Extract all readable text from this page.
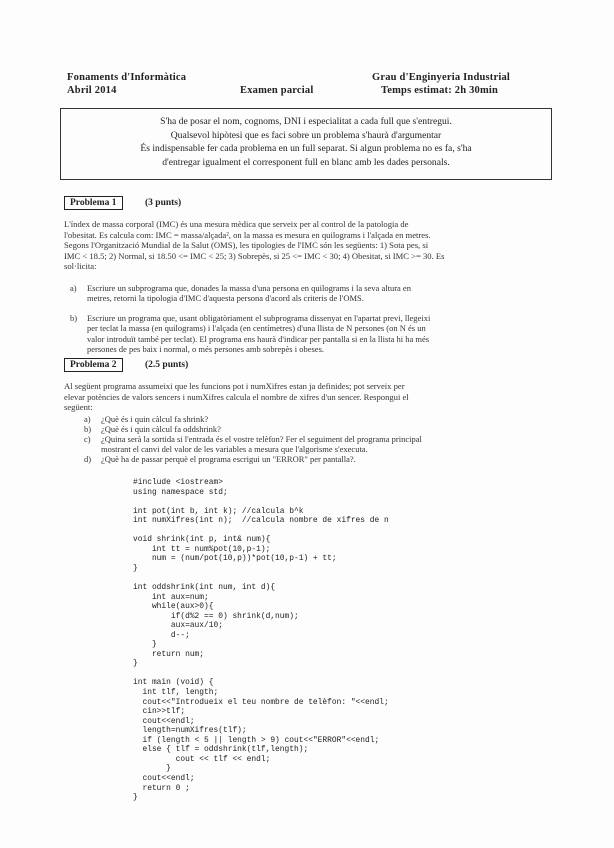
Fonaments d'Informàtica
Abril 2014	Examen parcial
Grau d'Enginyeria Industrial
Temps estimat: 2h 30min
S'ha de posar el nom, cognoms, DNI i especialitat a cada full que s'entregui.
Qualsevol hipòtesi que es faci sobre un problema s'haurà d'argumentar
És indispensable fer cada problema en un full separat. Si algun problema no es fa, s'ha
d'entregar igualment el corresponent full en blanc amb les dades personals.
Problema 1	(3 punts)
L'índex de massa corporal (IMC) és una mesura mèdica que serveix per al control de la patologia de
l'obesitat. Es calcula com: IMC = massa/alçada², on la massa es mesura en quilograms i l'alçada en metres.
Segons l'Organització Mundial de la Salut (OMS), les tipologies de l'IMC són les següents: 1) Sota pes, si
IMC < 18.5; 2) Normal, si 18.50 <= IMC < 25; 3) Sobrepès, si 25 <= IMC < 30; 4) Obesitat, si IMC >= 30. Es
sol·licita:
a) Escriure un subprograma que, donades la massa d'una persona en quilograms i la seva altura en
metres, retorni la tipologia d'IMC d'aquesta persona d'acord als criteris de l'OMS.
b) Escriure un programa que, usant obligatòriament el subprograma dissenyat en l'apartat previ, llegeixi
per teclat la massa (en quilograms) i l'alçada (en centímetres) d'una llista de N persones (on N és un
valor introduït també per teclat). El programa ens haurà d'indicar per pantalla si en la llista hi ha més
persones de pes baix i normal, o més persones amb sobrepès i obeses.
Problema 2	(2.5 punts)
Al següent programa assumeixi que les funcions pot i numXifres estan ja definides; pot serveix per
elevar potències de valors sencers i numXifres calcula el nombre de xifres d'un sencer. Respongui el
següent:
a) ¿Què és i quin càlcul fa shrink?
b) ¿Què és i quin càlcul fa oddshrink?
c) ¿Quina serà la sortida si l'entrada és el vostre telèfon? Fer el seguiment del programa principal
mostrant el canvi del valor de les variables a mesura que l'algorisme s'executa.
d) ¿Què ha de passar perquè el programa escrigui un "ERROR" per pantalla?.
#include <iostream>
using namespace std;

int pot(int b, int k); //calcula b^k
int numXifres(int n);  //calcula nombre de xifres de n

void shrink(int p, int& num){
int tt = num%pot(10,p-1);
num = (num/pot(10,p))*pot(10,p-1) + tt;
}

int oddshrink(int num, int d){
int aux=num;
while(aux>0){
if(d%2 == 0) shrink(d,num);
aux=aux/10;
d--;
}
return num;
}

int main (void) {
int tlf, length;
cout<<"Introdueix el teu nombre de telèfon: "<<endl;
cin>>tlf;
cout<<endl;
length=numXifres(tlf);
if (length < 5 || length > 9) cout<<"ERROR"<<endl;
else { tlf = oddshrink(tlf,length);
cout << tlf << endl;
}
cout<<endl;
return 0 ;
}
